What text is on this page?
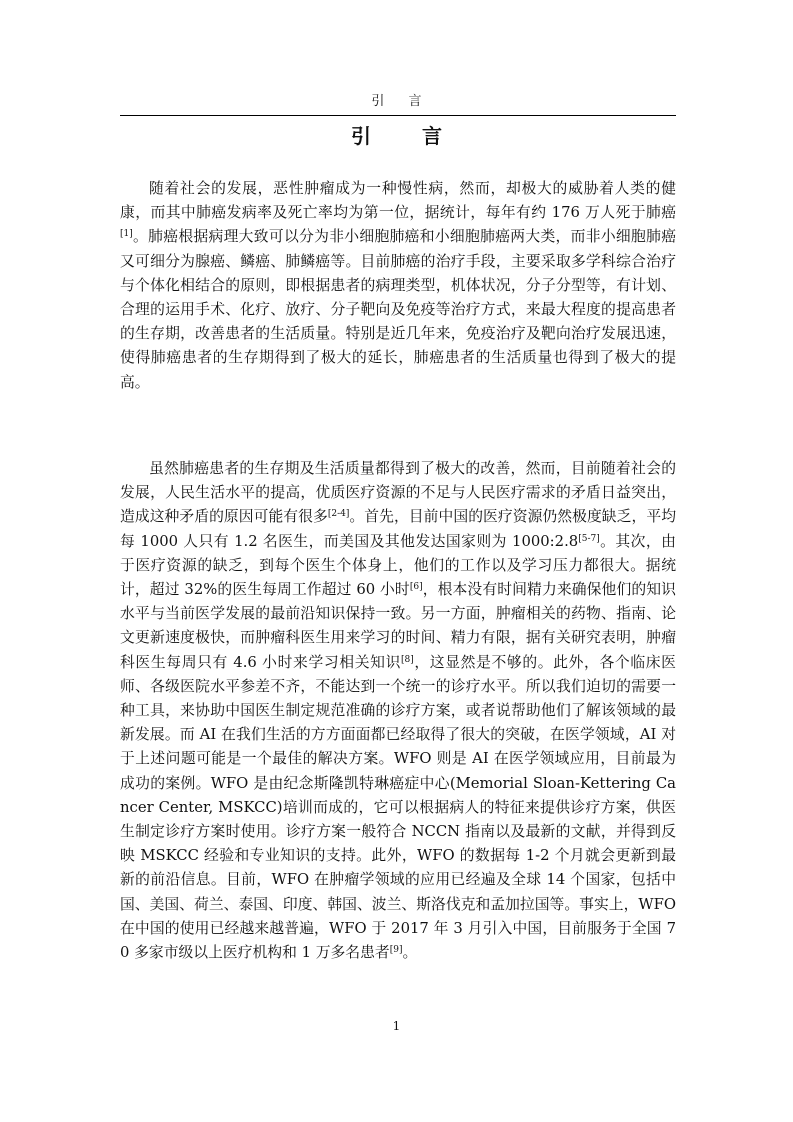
引 言
引 言

随着社会的发展，恶性肿瘤成为一种慢性病，然而，却极大的威胁着人类的健康，而其中肺癌发病率及死亡率均为第一位，据统计，每年有约 176 万人死于肺癌[1]。肺癌根据病理大致可以分为非小细胞肺癌和小细胞肺癌两大类，而非小细胞肺癌又可细分为腺癌、鳞癌、肺鳞癌等。目前肺癌的治疗手段，主要采取多学科综合治疗与个体化相结合的原则，即根据患者的病理类型，机体状况，分子分型等，有计划、合理的运用手术、化疗、放疗、分子靶向及免疫等治疗方式，来最大程度的提高患者的生存期，改善患者的生活质量。特别是近几年来，免疫治疗及靶向治疗发展迅速，使得肺癌患者的生存期得到了极大的延长，肺癌患者的生活质量也得到了极大的提高。

虽然肺癌患者的生存期及生活质量都得到了极大的改善，然而，目前随着社会的发展，人民生活水平的提高，优质医疗资源的不足与人民医疗需求的矛盾日益突出，造成这种矛盾的原因可能有很多[2-4]。首先，目前中国的医疗资源仍然极度缺乏，平均每 1000 人只有 1.2 名医生，而美国及其他发达国家则为 1000:2.8[5-7]。其次，由于医疗资源的缺乏，到每个医生个体身上，他们的工作以及学习压力都很大。据统计，超过 32%的医生每周工作超过 60 小时[6]，根本没有时间精力来确保他们的知识水平与当前医学发展的最前沿知识保持一致。另一方面，肿瘤相关的药物、指南、论文更新速度极快，而肿瘤科医生用来学习的时间、精力有限，据有关研究表明，肿瘤科医生每周只有 4.6 小时来学习相关知识[8]，这显然是不够的。此外，各个临床医师、各级医院水平参差不齐，不能达到一个统一的诊疗水平。所以我们迫切的需要一种工具，来协助中国医生制定规范准确的诊疗方案，或者说帮助他们了解该领域的最新发展。而 AI 在我们生活的方方面面都已经取得了很大的突破，在医学领域，AI 对于上述问题可能是一个最佳的解决方案。WFO 则是 AI 在医学领域应用，目前最为成功的案例。WFO 是由纪念斯隆凯特琳癌症中心(Memorial Sloan-Kettering Cancer Center, MSKCC)培训而成的，它可以根据病人的特征来提供诊疗方案，供医生制定诊疗方案时使用。诊疗方案一般符合 NCCN 指南以及最新的文献，并得到反映 MSKCC 经验和专业知识的支持。此外，WFO 的数据每 1-2 个月就会更新到最新的前沿信息。目前，WFO 在肿瘤学领域的应用已经遍及全球 14 个国家，包括中国、美国、荷兰、泰国、印度、韩国、波兰、斯洛伐克和孟加拉国等。事实上，WFO 在中国的使用已经越来越普遍，WFO 于 2017 年 3 月引入中国，目前服务于全国 70 多家市级以上医疗机构和 1 万多名患者[9]。

1
